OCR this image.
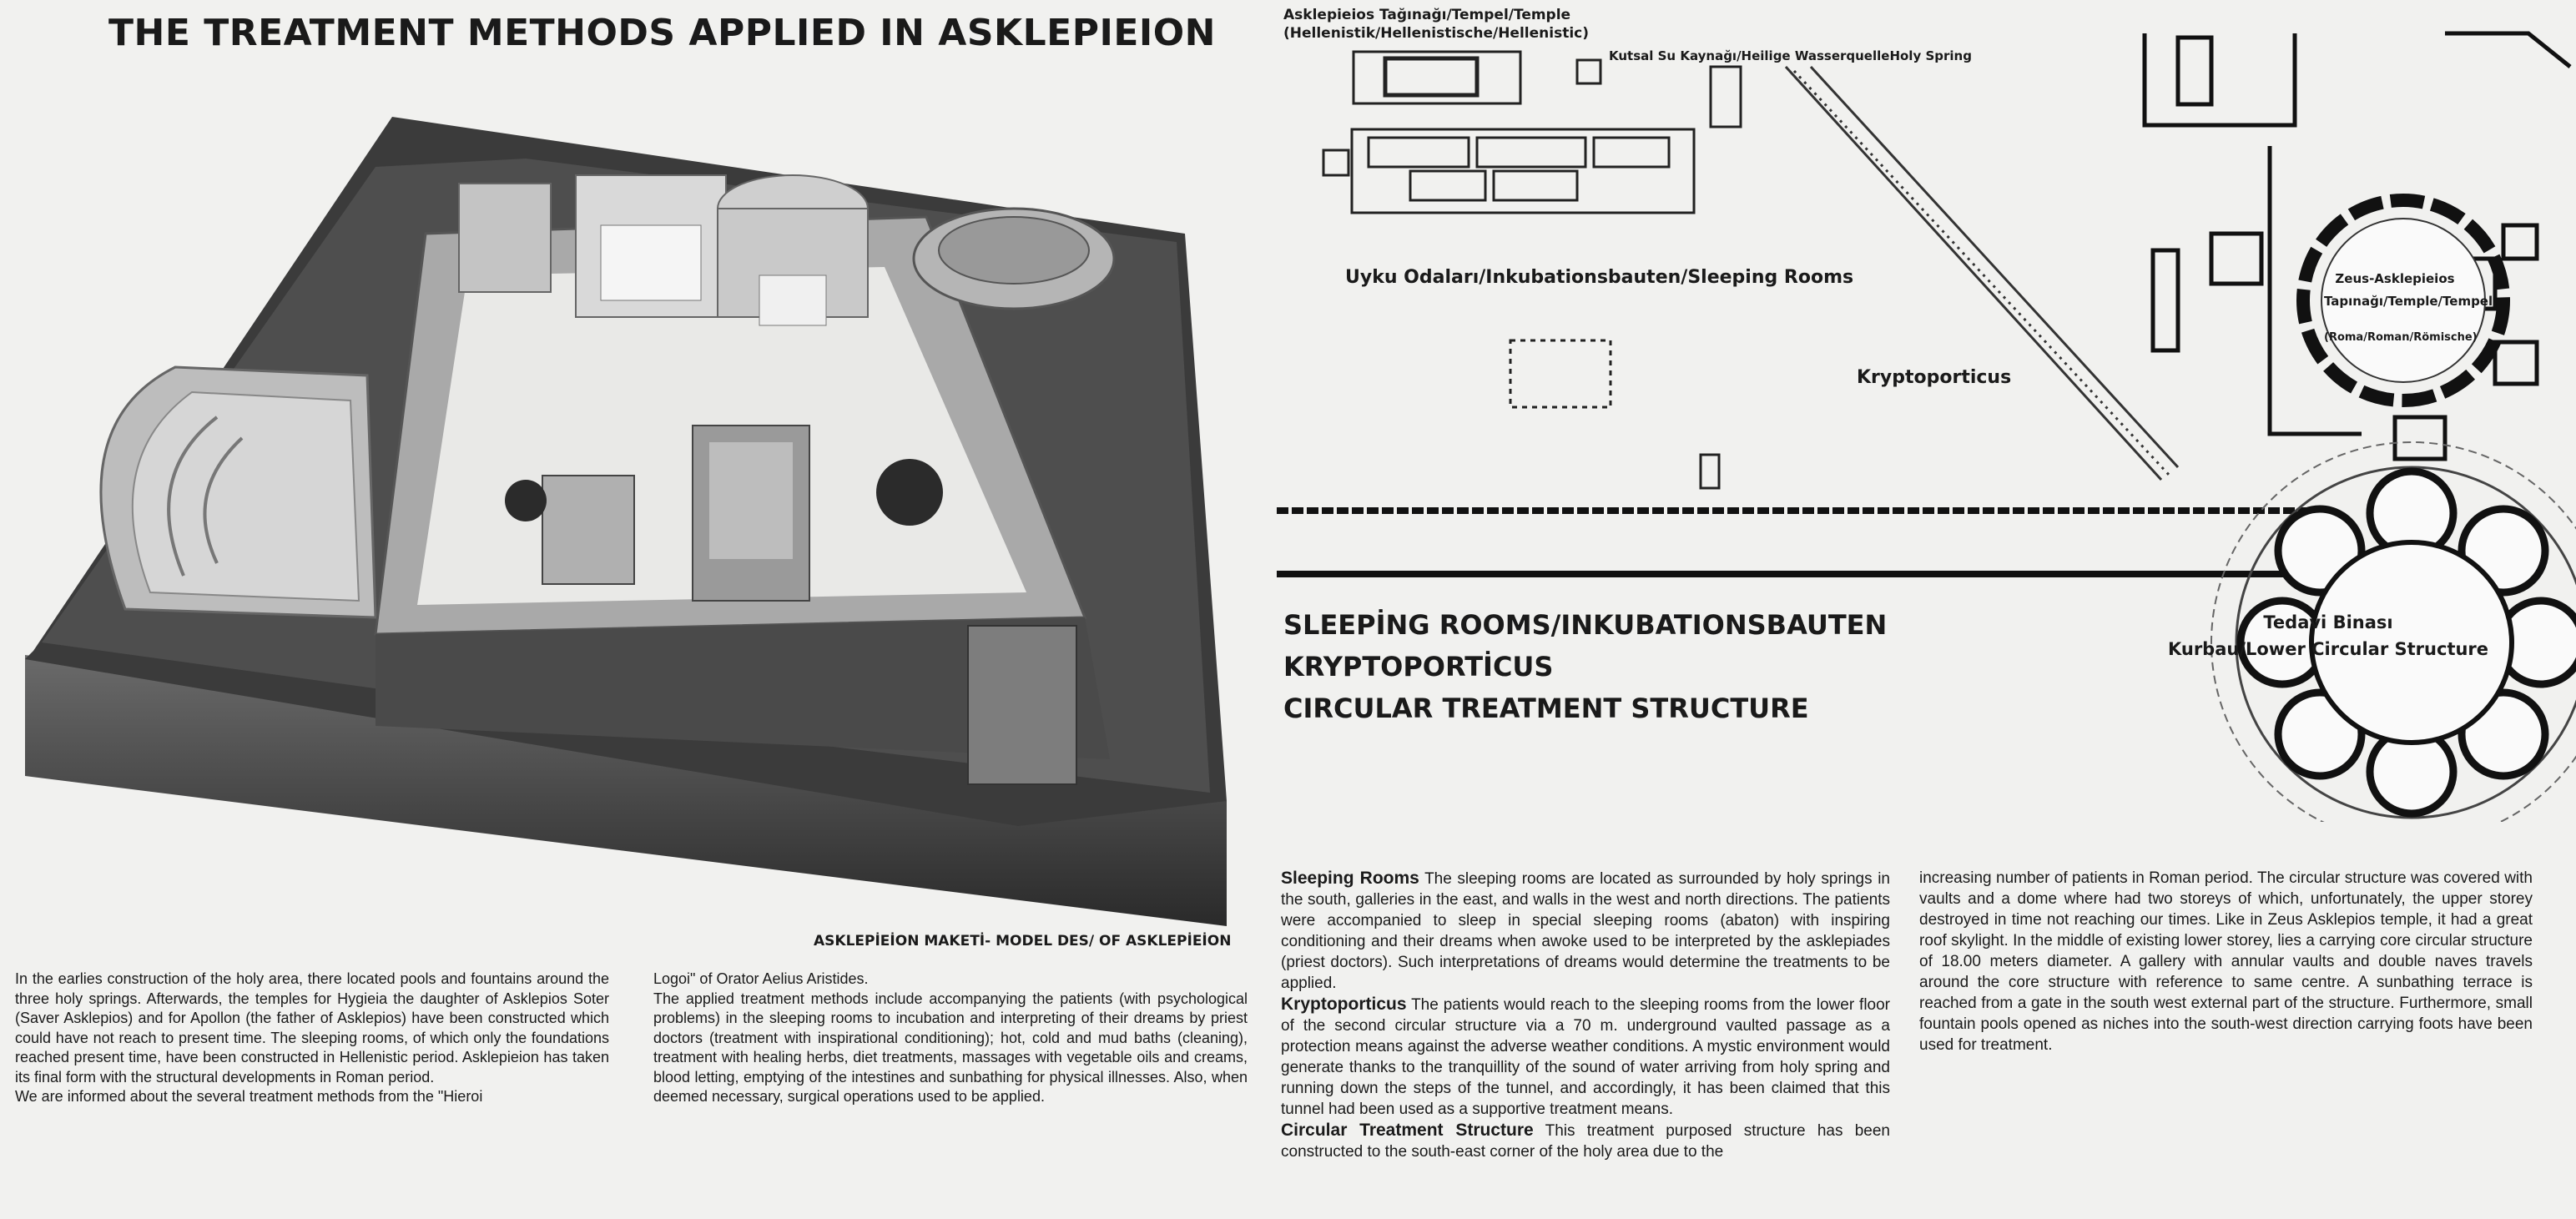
THE TREATMENT METHODS APPLIED IN ASKLEPIEION
ASKLEPİEİON MAKETİ- MODEL DES/ OF ASKLEPİEİON

In the earlies construction of the holy area, there located pools and fountains around the three holy springs. Afterwards, the temples for Hygieia the daughter of Asklepios Soter (Saver Asklepios) and for Apollon (the father of Asklepios) have been constructed which could have not reach to present time. The sleeping rooms, of which only the foundations reached present time, have been constructed in Hellenistic period. Asklepieion has taken its final form with the structural developments in Roman period.

We are informed about the several treatment methods from the "Hieroi

Logoi" of Orator Aelius Aristides.

The applied treatment methods include accompanying the patients (with psychological problems) in the sleeping rooms to incubation and interpreting of their dreams by priest doctors (treatment with inspirational conditioning); hot, cold and mud baths (cleaning), treatment with healing herbs, diet treatments, massages with vegetable oils and creams, blood letting, emptying of the intestines and sunbathing for physical illnesses. Also, when deemed necessary, surgical operations used to be applied.

Asklepieios Tağınağı/Tempel/Temple
(Hellenistik/Hellenistische/Hellenistic)
Kutsal Su Kaynağı/Heilige WasserquelleHoly Spring
Uyku Odaları/Inkubationsbauten/Sleeping Rooms
Kryptoporticus
Zeus-Asklepieios
Tapınağı/Temple/Tempel
(Roma/Roman/Römische)
Tedavi Binası
Kurbau/Lower Circular Structure
SLEEPİNG ROOMS/INKUBATIONSBAUTEN
KRYPTOPORTİCUS
CIRCULAR TREATMENT STRUCTURE

Sleeping Rooms The sleeping rooms are located as surrounded by holy springs in the south, galleries in the east, and walls in the west and north directions. The patients were accompanied to sleep in special sleeping rooms (abaton) with inspiring conditioning and their dreams when awoke used to be interpreted by the asklepiades (priest doctors). Such interpretations of dreams would determine the treatments to be applied.

Kryptoporticus The patients would reach to the sleeping rooms from the lower floor of the second circular structure via a 70 m. underground vaulted passage as a protection means against the adverse weather conditions. A mystic environment would generate thanks to the tranquillity of the sound of water arriving from holy spring and running down the steps of the tunnel, and accordingly, it has been claimed that this tunnel had been used as a supportive treatment means.

Circular Treatment Structure This treatment purposed structure has been constructed to the south-east corner of the holy area due to the

increasing number of patients in Roman period. The circular structure was covered with vaults and a dome where had two storeys of which, unfortunately, the upper storey destroyed in time not reaching our times. Like in Zeus Asklepios temple, it had a great roof skylight. In the middle of existing lower storey, lies a carrying core circular structure of 18.00 meters diameter. A gallery with annular vaults and double naves travels around the core structure with reference to same centre. A sunbathing terrace is reached from a gate in the south west external part of the structure. Furthermore, small fountain pools opened as niches into the south-west direction carrying foots have been used for treatment.
